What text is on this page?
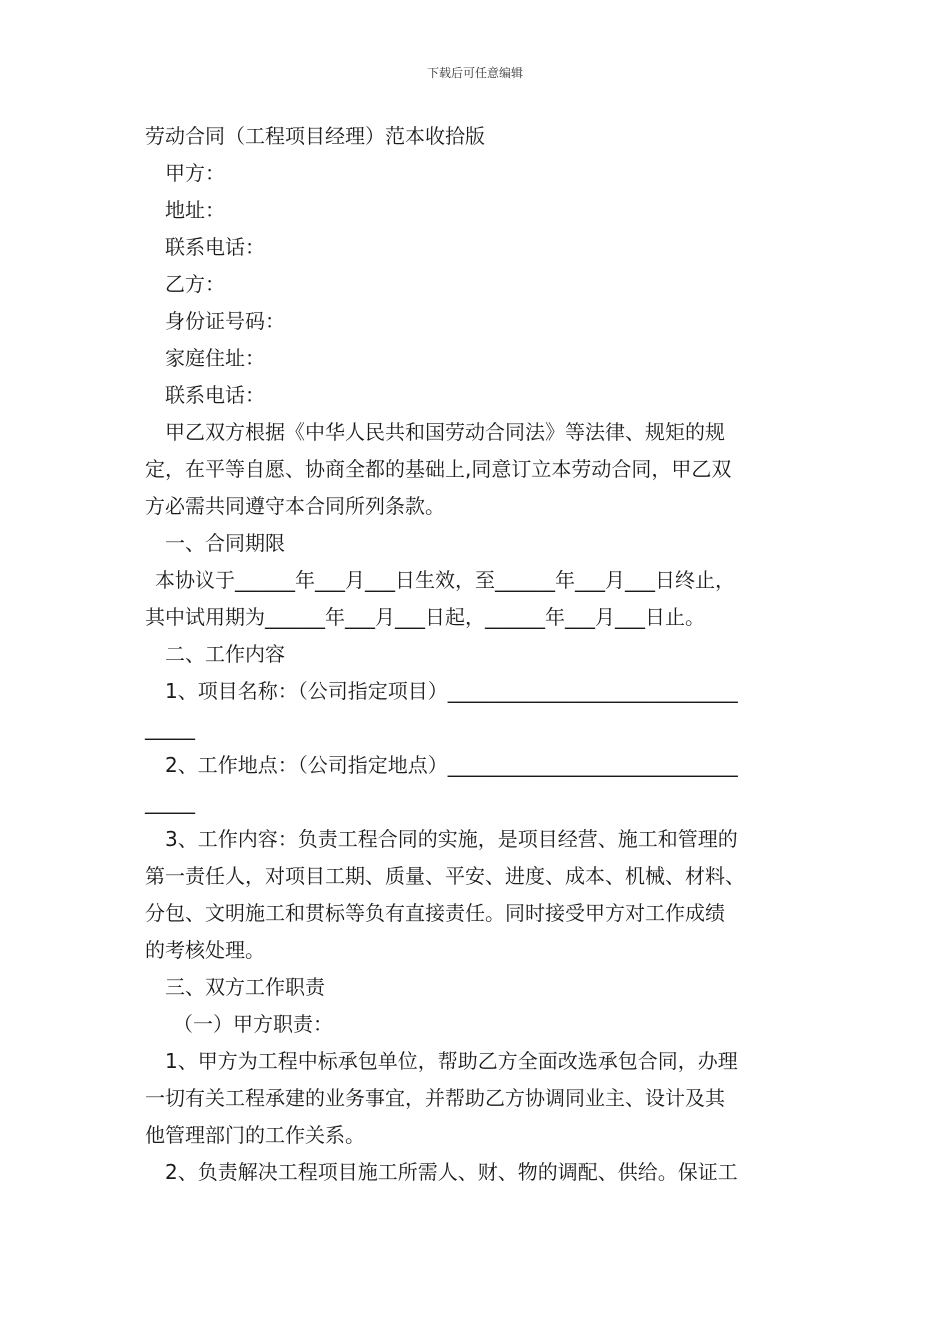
下载后可任意编辑
劳动合同（工程项目经理）范本收拾版
甲方：
地址：
联系电话：
乙方：
身份证号码：
家庭住址：
联系电话：
甲乙双方根据《中华人民共和国劳动合同法》等法律、规矩的规
定，在平等自愿、协商全都的基础上,同意订立本劳动合同，甲乙双
方必需共同遵守本合同所列条款。
一、合同期限
本协议于______年___月___日生效，至______年___月___日终止，
其中试用期为______年___月___日起，______年___月___日止。
二、工作内容
1、项目名称：（公司指定项目）_____________________________
_____
2、工作地点：（公司指定地点）_____________________________
_____
3、工作内容：负责工程合同的实施，是项目经营、施工和管理的
第一责任人，对项目工期、质量、平安、进度、成本、机械、材料、
分包、文明施工和贯标等负有直接责任。同时接受甲方对工作成绩
的考核处理。
三、双方工作职责
（一）甲方职责：
1、甲方为工程中标承包单位，帮助乙方全面改选承包合同，办理
一切有关工程承建的业务事宜，并帮助乙方协调同业主、设计及其
他管理部门的工作关系。
2、负责解决工程项目施工所需人、财、物的调配、供给。保证工
